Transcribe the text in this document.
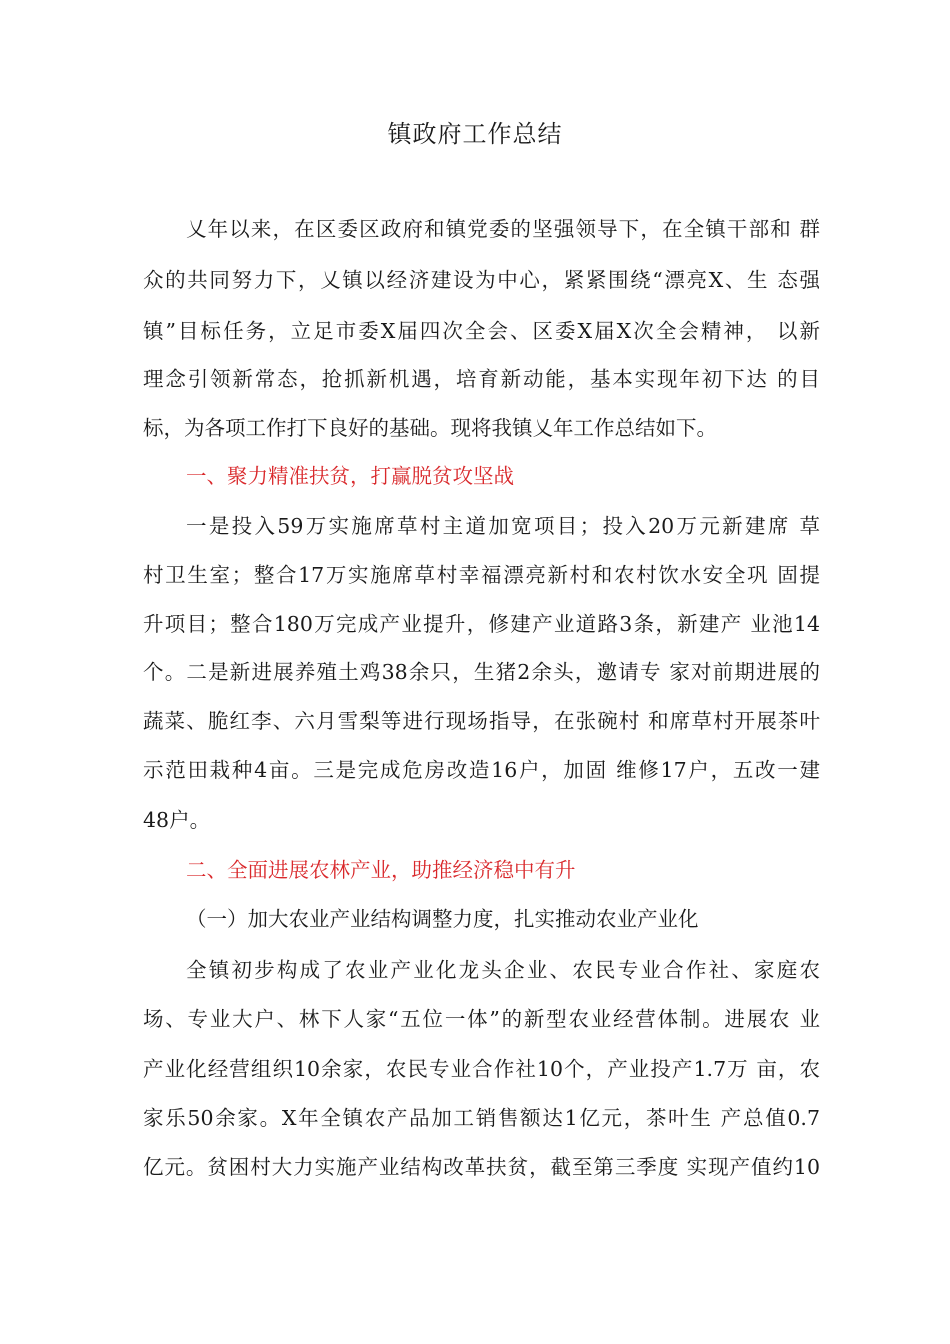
镇政府工作总结
乂年以来，在区委区政府和镇党委的坚强领导下，在全镇干部和 群
众的共同努力下，乂镇以经济建设为中心，紧紧围绕“漂亮X、生 态强
镇”目标任务，立足市委X届四次全会、区委X届X次全会精神， 以新
理念引领新常态，抢抓新机遇，培育新动能，基本实现年初下达 的目
标，为各项工作打下良好的基础。现将我镇乂年工作总结如下。
一、聚力精准扶贫，打赢脱贫攻坚战
一是投入59万实施席草村主道加宽项目；投入20万元新建席 草
村卫生室；整合17万实施席草村幸福漂亮新村和农村饮水安全巩 固提
升项目；整合180万完成产业提升，修建产业道路3条，新建产 业池14
个。二是新进展养殖土鸡38余只，生猪2余头，邀请专 家对前期进展的
蔬菜、脆红李、六月雪梨等进行现场指导，在张碗村 和席草村开展茶叶
示范田栽种4亩。三是完成危房改造16户，加固 维修17户，五改一建
48户。
二、全面进展农林产业，助推经济稳中有升
（一）加大农业产业结构调整力度，扎实推动农业产业化
全镇初步构成了农业产业化龙头企业、农民专业合作社、家庭农
场、专业大户、林下人家“五位一体”的新型农业经营体制。进展农 业
产业化经营组织10余家，农民专业合作社10个，产业投产1.7万 亩，农
家乐50余家。X年全镇农产品加工销售额达1亿元，茶叶生 产总值0.7
亿元。贫困村大力实施产业结构改革扶贫，截至第三季度 实现产值约10
